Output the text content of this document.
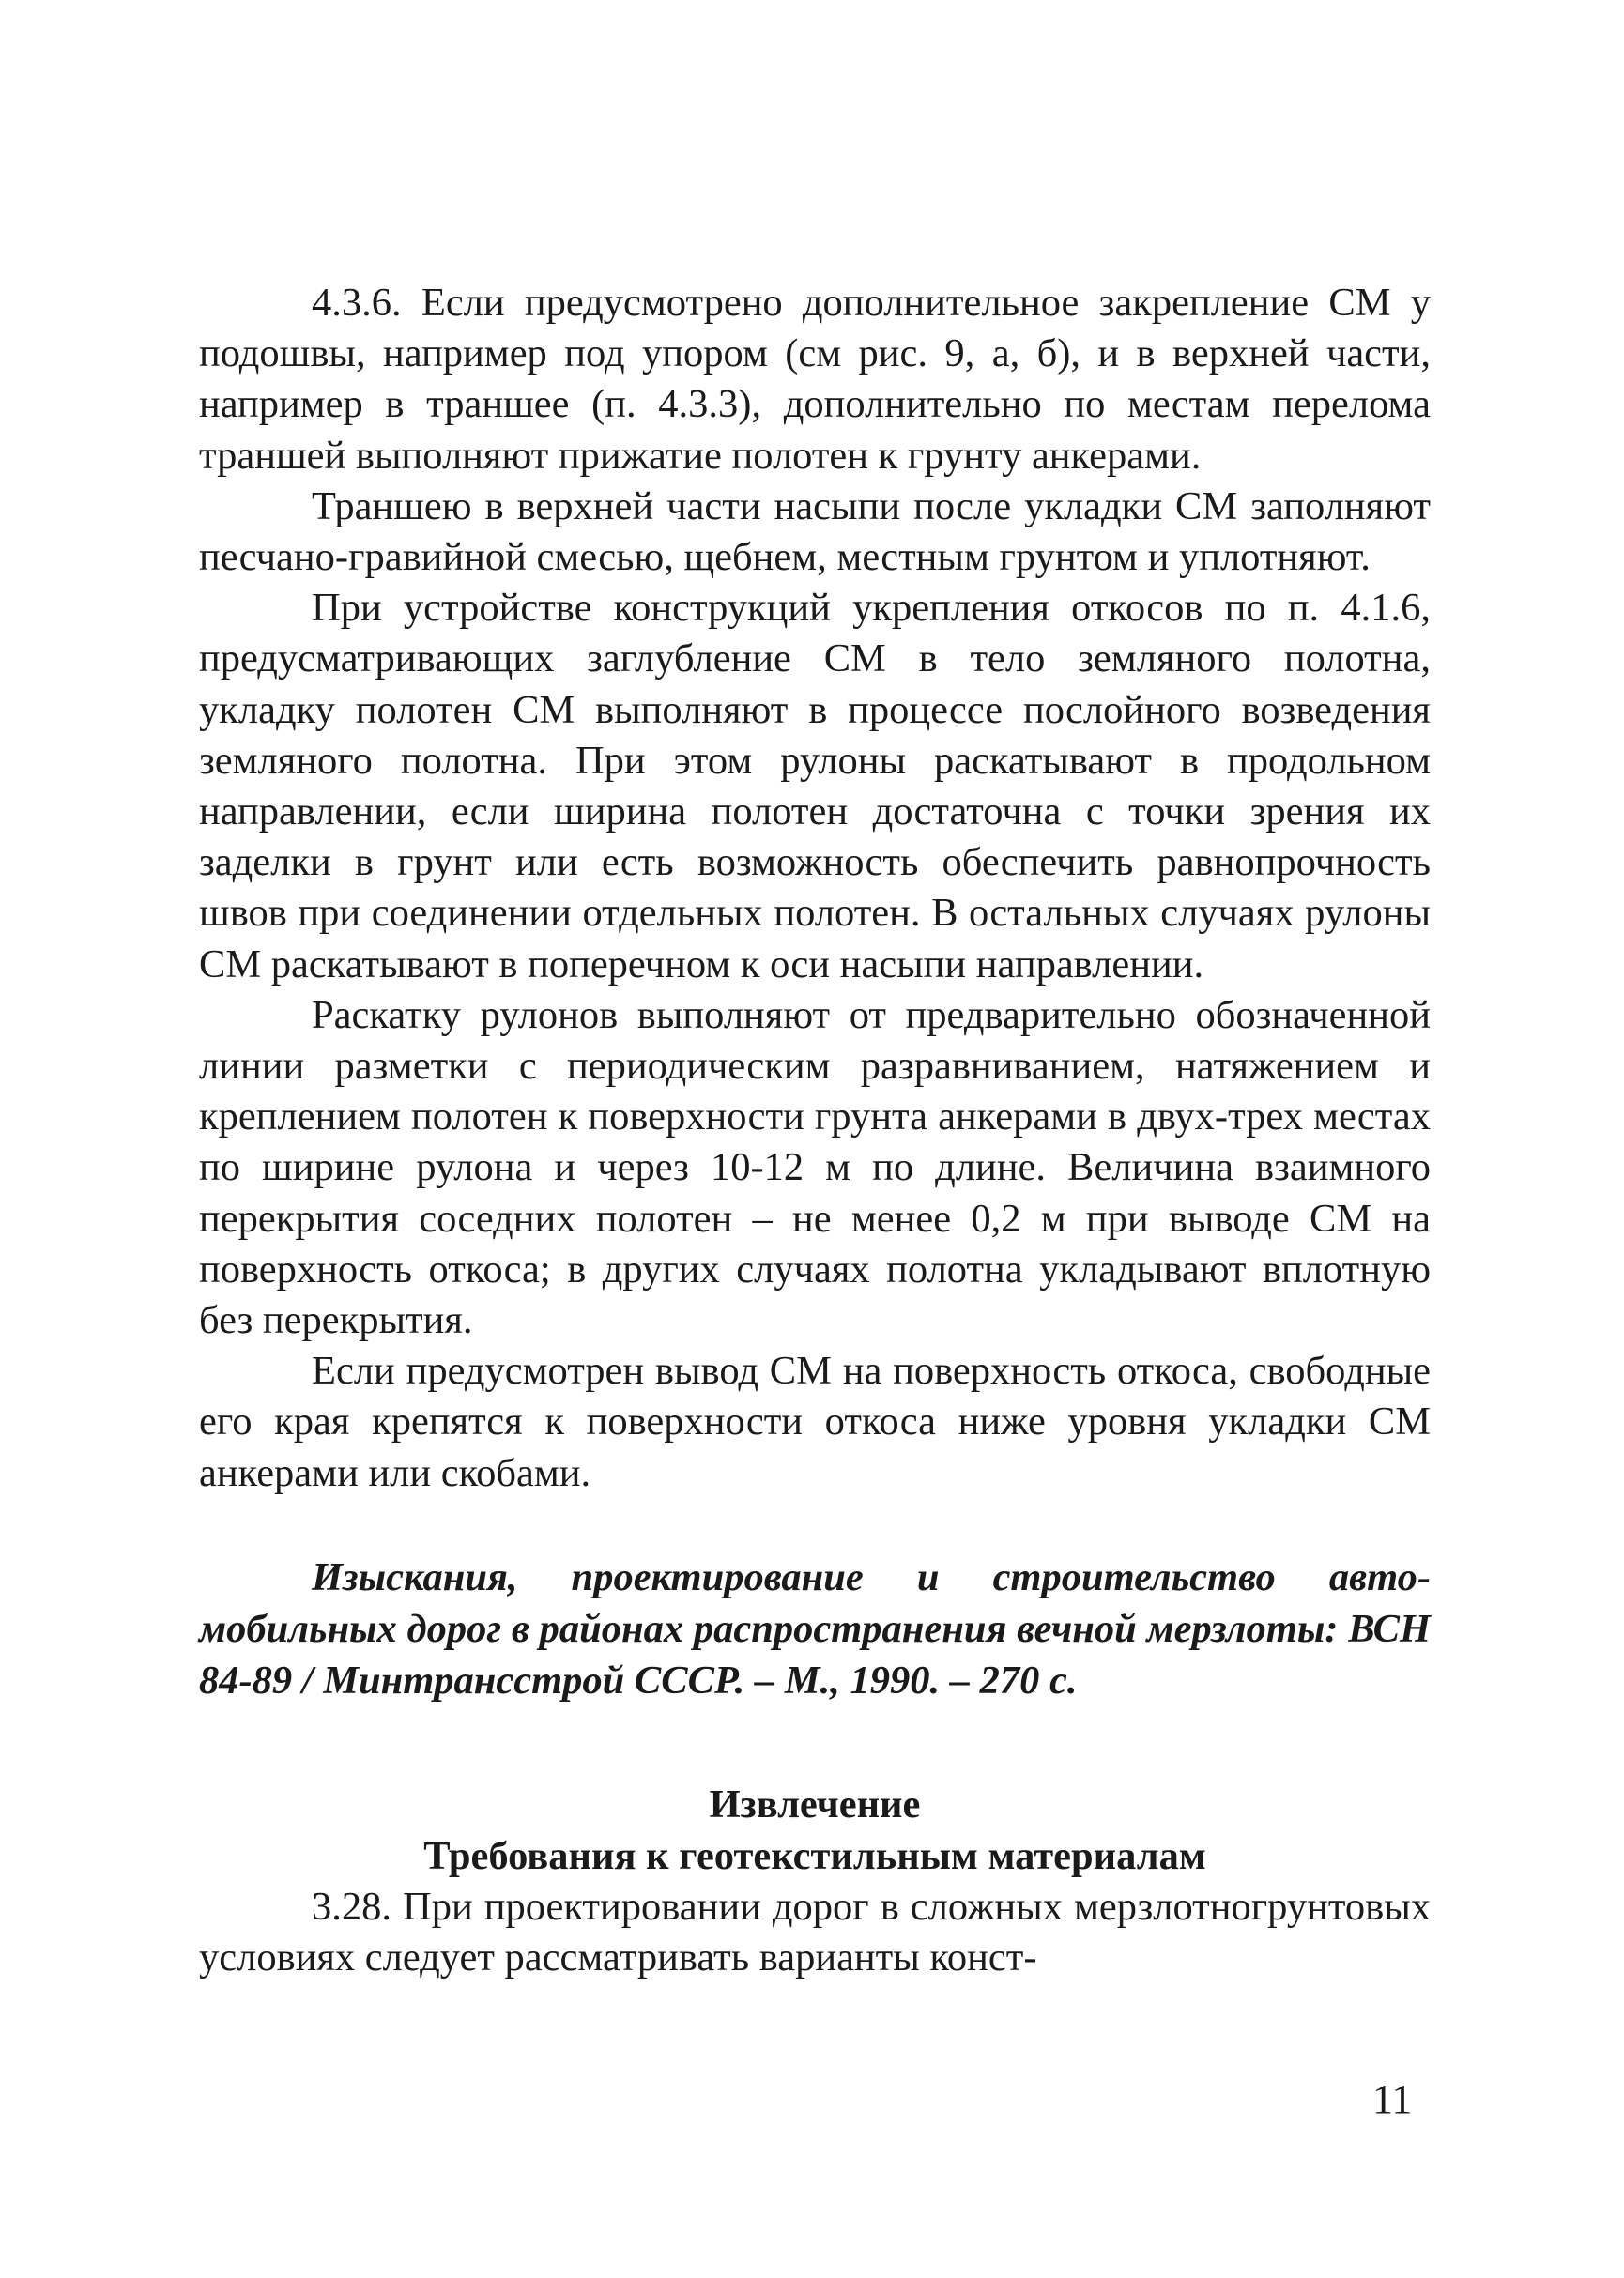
4.3.6. Если предусмотрено дополнительное закрепление СМ у подошвы, например под упором (см рис. 9, а, б), и в верхней части, например в траншее (п. 4.3.3), дополнительно по местам перелома траншей выполняют прижатие полотен к грунту анкерами.

Траншею в верхней части насыпи после укладки СМ заполняют песчано-гравийной смесью, щебнем, местным грунтом и уплотняют.

При устройстве конструкций укрепления откосов по п. 4.1.6, предусматривающих заглубление СМ в тело земляного полотна, укладку полотен СМ выполняют в процессе послойного возведения земляного полотна. При этом рулоны раскатывают в продольном направлении, если ширина полотен достаточна с точки зрения их заделки в грунт или есть возможность обеспечить равнопрочность швов при соединении отдельных полотен. В остальных случаях рулоны СМ раскатывают в поперечном к оси насыпи направлении.

Раскатку рулонов выполняют от предварительно обозначенной линии разметки с периодическим разравниванием, натяжением и креплением полотен к поверхности грунта анкерами в двух-трех местах по ширине рулона и через 10-12 м по длине. Величина взаимного перекрытия соседних полотен – не менее 0,2 м при выводе СМ на поверхность откоса; в других случаях полотна укладывают вплотную без перекрытия.

Если предусмотрен вывод СМ на поверхность откоса, свободные его края крепятся к поверхности откоса ниже уровня укладки СМ анкерами или скобами.

Изыскания, проектирование и строительство автомобильных дорог в районах распространения вечной мерзлоты: ВСН 84-89 / Минтрансстрой СССР. – М., 1990. – 270 с.

Извлечение

Требования к геотекстильным материалам

3.28. При проектировании дорог в сложных мерзлотногрунтовых условиях следует рассматривать варианты конст-

11
